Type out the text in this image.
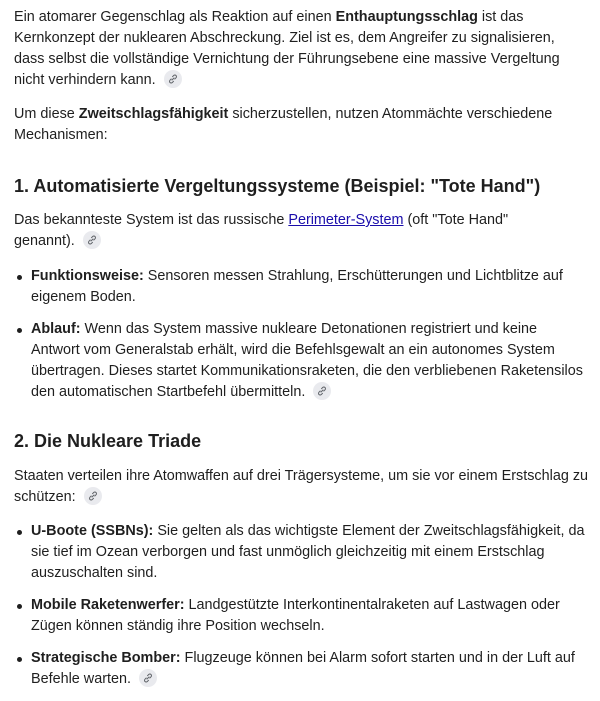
Ein atomarer Gegenschlag als Reaktion auf einen Enthauptungsschlag ist das Kernkonzept der nuklearen Abschreckung. Ziel ist es, dem Angreifer zu signalisieren, dass selbst die vollständige Vernichtung der Führungsebene eine massive Vergeltung nicht verhindern kann.

Um diese Zweitschlagsfähigkeit sicherzustellen, nutzen Atommächte verschiedene Mechanismen:

1. Automatisierte Vergeltungssysteme (Beispiel: "Tote Hand")

Das bekannteste System ist das russische Perimeter-System (oft "Tote Hand" genannt).

Funktionsweise: Sensoren messen Strahlung, Erschütterungen und Lichtblitze auf eigenem Boden.
Ablauf: Wenn das System massive nukleare Detonationen registriert und keine Antwort vom Generalstab erhält, wird die Befehlsgewalt an ein autonomes System übertragen. Dieses startet Kommunikationsraketen, die den verbliebenen Raketensilos den automatischen Startbefehl übermitteln.
2. Die Nukleare Triade

Staaten verteilen ihre Atomwaffen auf drei Trägersysteme, um sie vor einem Erstschlag zu schützen:

U-Boote (SSBNs): Sie gelten als das wichtigste Element der Zweitschlagsfähigkeit, da sie tief im Ozean verborgen und fast unmöglich gleichzeitig mit einem Erstschlag auszuschalten sind.
Mobile Raketenwerfer: Landgestützte Interkontinentalraketen auf Lastwagen oder Zügen können ständig ihre Position wechseln.
Strategische Bomber: Flugzeuge können bei Alarm sofort starten und in der Luft auf Befehle warten.
